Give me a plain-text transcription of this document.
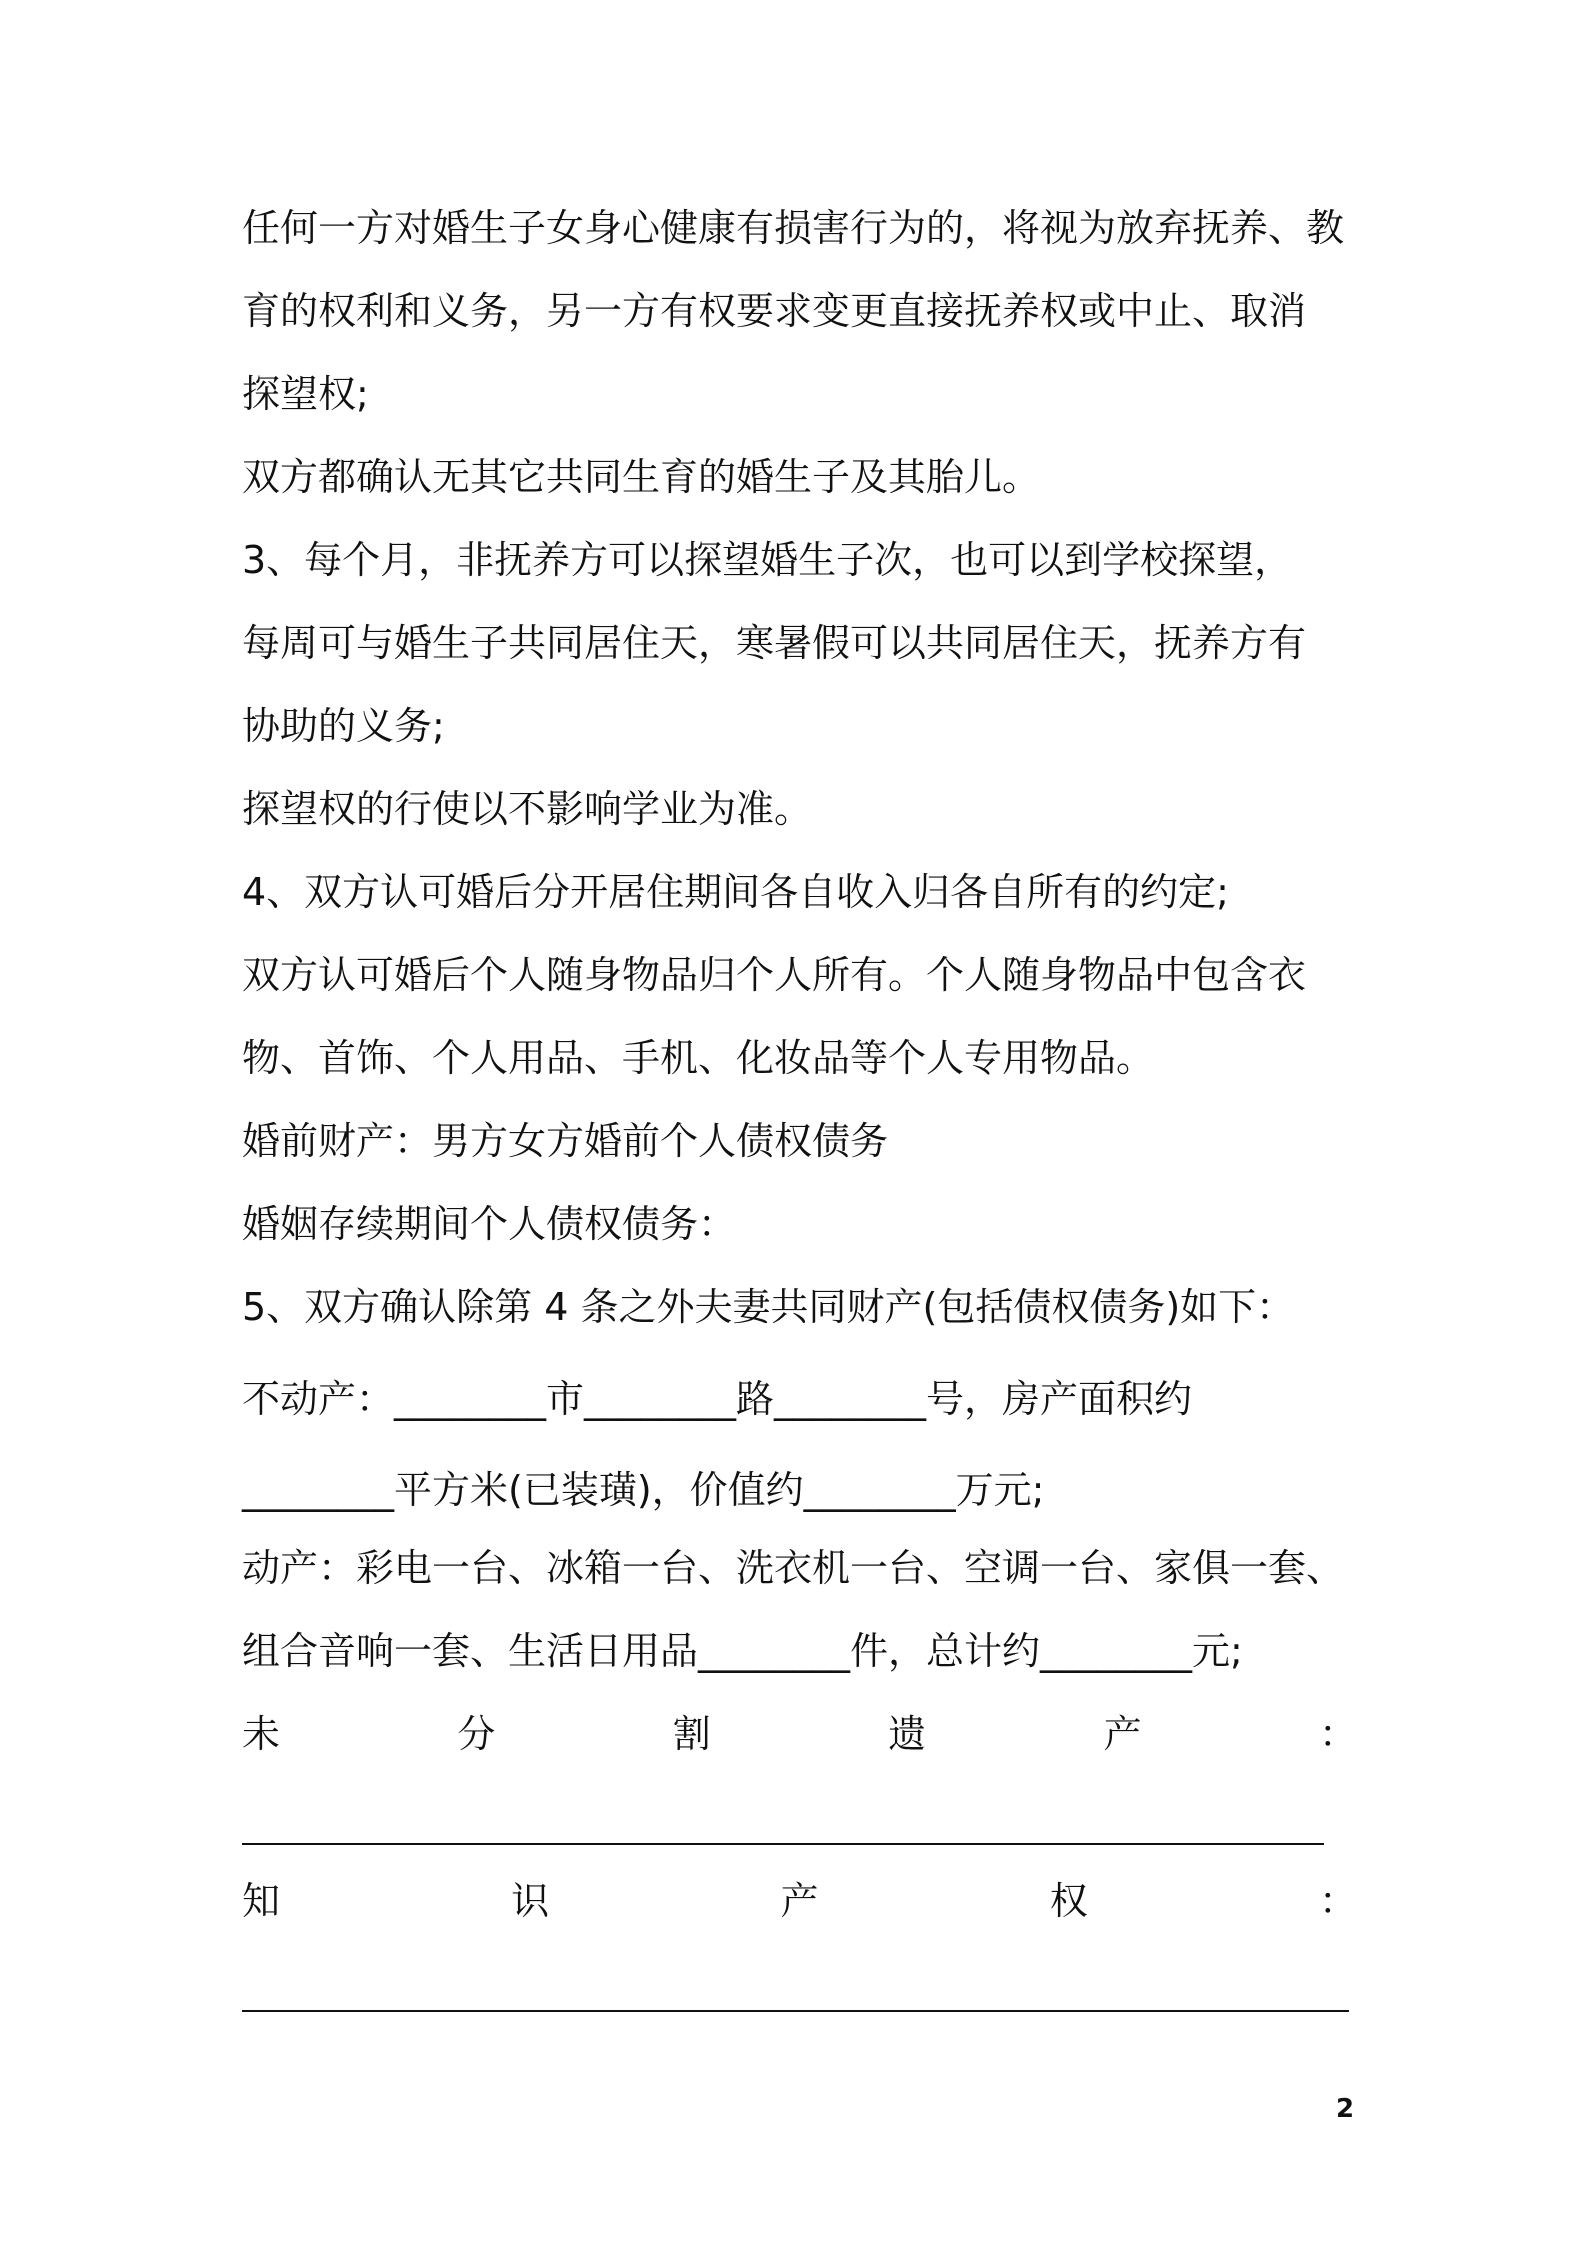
任何一方对婚生子女身心健康有损害行为的，将视为放弃抚养、教
育的权利和义务，另一方有权要求变更直接抚养权或中止、取消
探望权;
双方都确认无其它共同生育的婚生子及其胎儿。
3、每个月，非抚养方可以探望婚生子次，也可以到学校探望，
每周可与婚生子共同居住天，寒暑假可以共同居住天，抚养方有
协助的义务;
探望权的行使以不影响学业为准。
4、双方认可婚后分开居住期间各自收入归各自所有的约定;
双方认可婚后个人随身物品归个人所有。个人随身物品中包含衣
物、首饰、个人用品、手机、化妆品等个人专用物品。
婚前财产：男方女方婚前个人债权债务
婚姻存续期间个人债权债务：
5、双方确认除第 4 条之外夫妻共同财产(包括债权债务)如下：
不动产：________市________路________号，房产面积约
________平方米(已装璜)，价值约________万元;
动产：彩电一台、冰箱一台、洗衣机一台、空调一台、家俱一套、
组合音响一套、生活日用品________件，总计约________元;
未	分	割	遗	产	：
知	识	产	权	：
2
